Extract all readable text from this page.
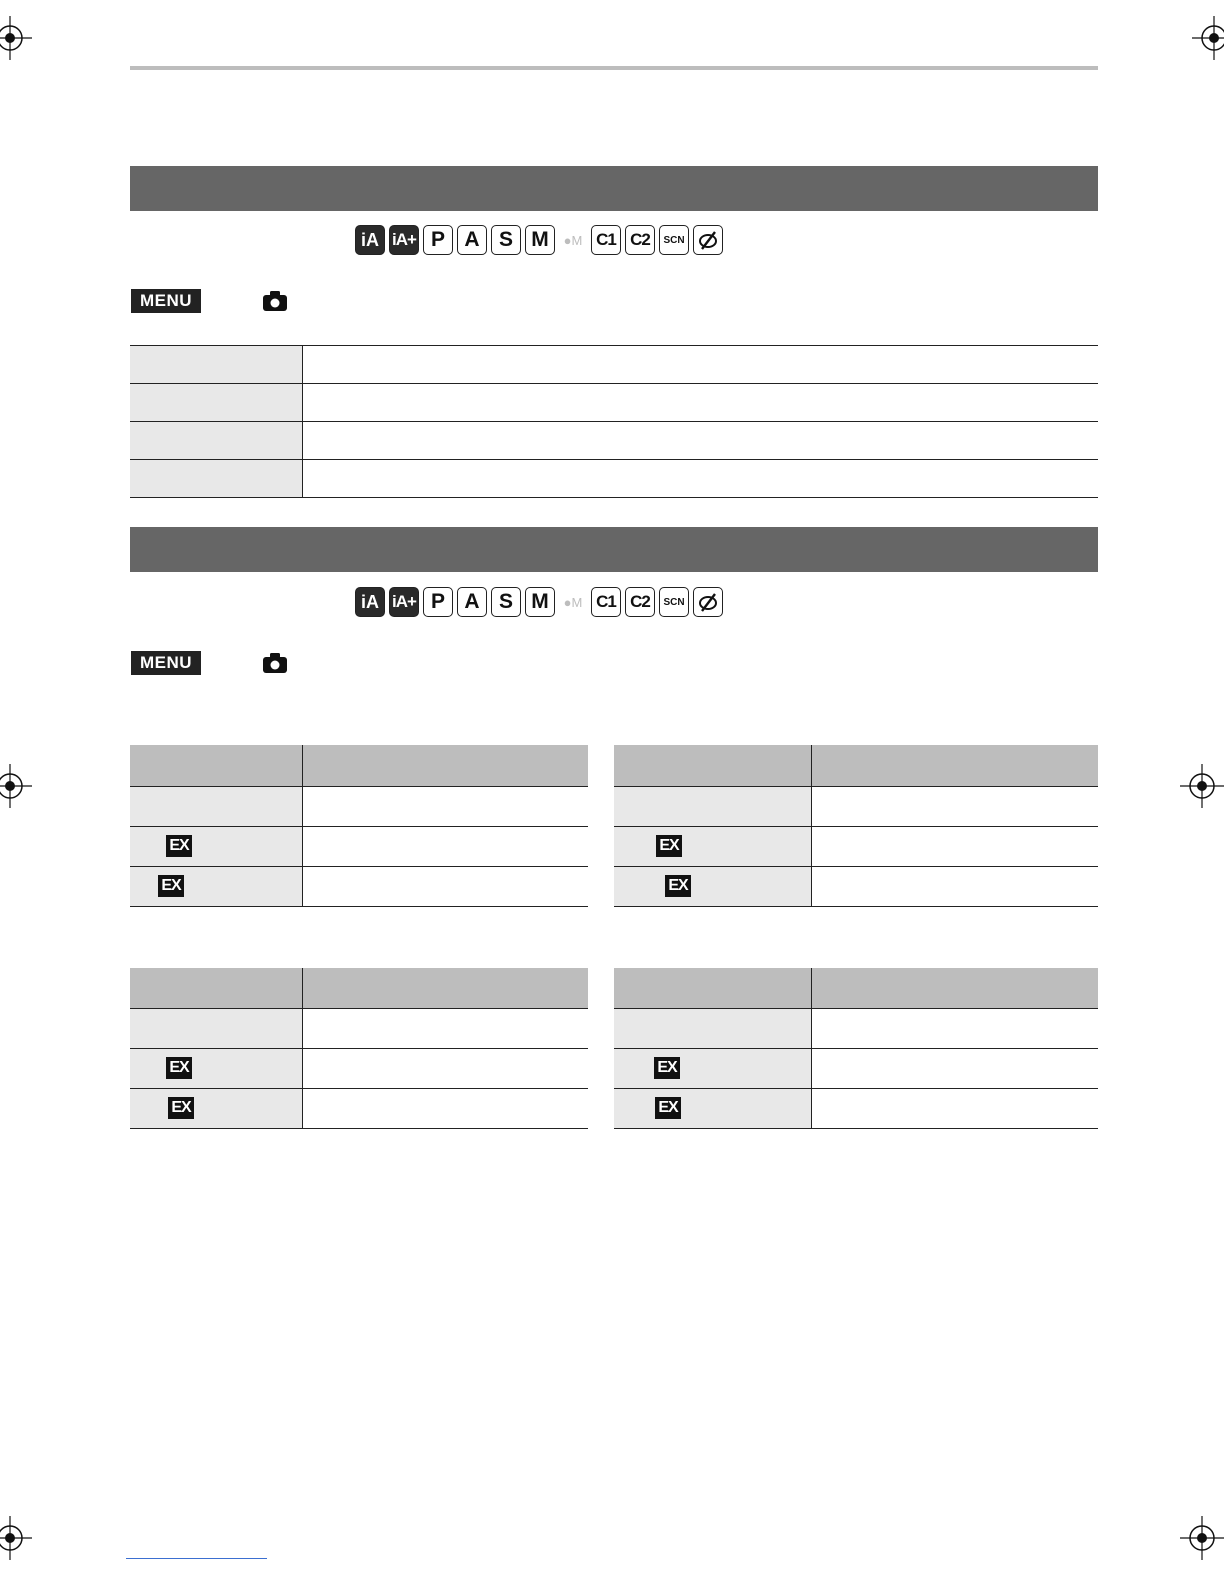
iA iA+ P A S M	● M C1 C2	SCN
MENU

iA iA+ P A S M	● M C1 C2	SCN
MENU

EX	

EX	

EX	

EX	

EX	

EX	

EX	

EX	
